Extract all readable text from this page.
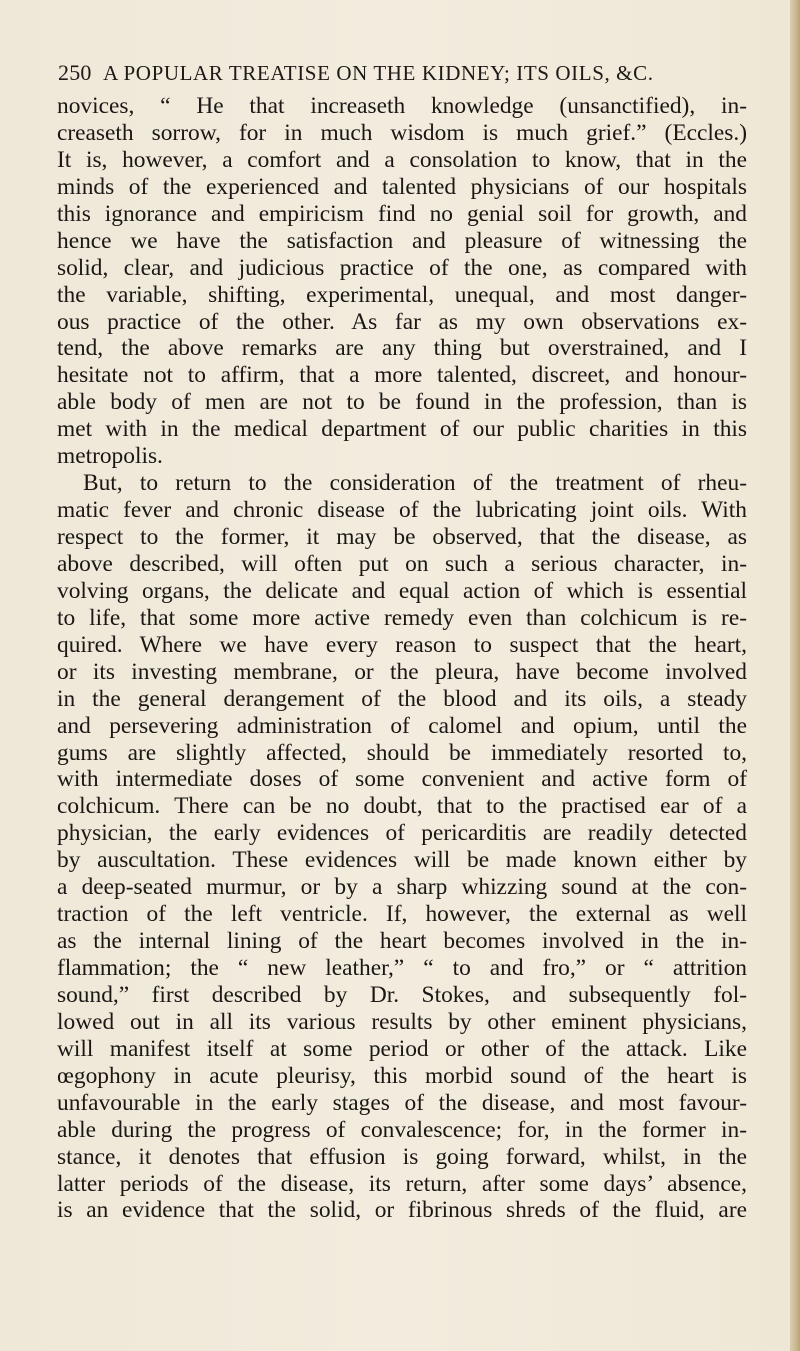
250 A POPULAR TREATISE ON THE KIDNEY; ITS OILS, &C.
novices, “ He that increaseth knowledge (unsanctified), in-
creaseth sorrow, for in much wisdom is much grief.” (Eccles.)
It is, however, a comfort and a consolation to know, that in the
minds of the experienced and talented physicians of our hospitals
this ignorance and empiricism find no genial soil for growth, and
hence we have the satisfaction and pleasure of witnessing the
solid, clear, and judicious practice of the one, as compared with
the variable, shifting, experimental, unequal, and most danger-
ous practice of the other. As far as my own observations ex-
tend, the above remarks are any thing but overstrained, and I
hesitate not to affirm, that a more talented, discreet, and honour-
able body of men are not to be found in the profession, than is
met with in the medical department of our public charities in this
metropolis.
But, to return to the consideration of the treatment of rheu-
matic fever and chronic disease of the lubricating joint oils. With
respect to the former, it may be observed, that the disease, as
above described, will often put on such a serious character, in-
volving organs, the delicate and equal action of which is essential
to life, that some more active remedy even than colchicum is re-
quired. Where we have every reason to suspect that the heart,
or its investing membrane, or the pleura, have become involved
in the general derangement of the blood and its oils, a steady
and persevering administration of calomel and opium, until the
gums are slightly affected, should be immediately resorted to,
with intermediate doses of some convenient and active form of
colchicum. There can be no doubt, that to the practised ear of a
physician, the early evidences of pericarditis are readily detected
by auscultation. These evidences will be made known either by
a deep-seated murmur, or by a sharp whizzing sound at the con-
traction of the left ventricle. If, however, the external as well
as the internal lining of the heart becomes involved in the in-
flammation; the “ new leather,” “ to and fro,” or “ attrition
sound,” first described by Dr. Stokes, and subsequently fol-
lowed out in all its various results by other eminent physicians,
will manifest itself at some period or other of the attack. Like
œgophony in acute pleurisy, this morbid sound of the heart is
unfavourable in the early stages of the disease, and most favour-
able during the progress of convalescence; for, in the former in-
stance, it denotes that effusion is going forward, whilst, in the
latter periods of the disease, its return, after some days’ absence,
is an evidence that the solid, or fibrinous shreds of the fluid, are
